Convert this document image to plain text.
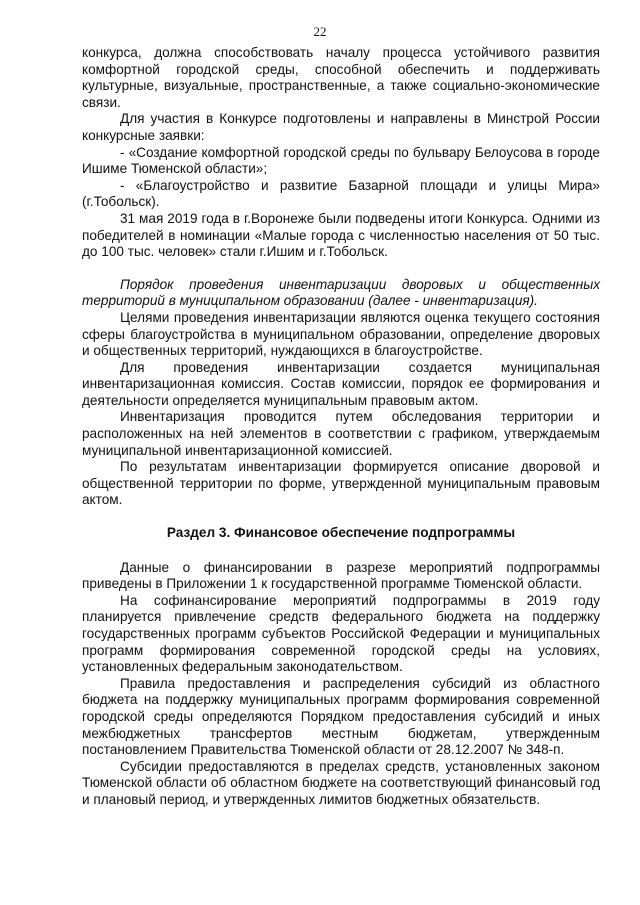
22

конкурса, должна способствовать началу процесса устойчивого развития комфортной городской среды, способной обеспечить и поддерживать культурные, визуальные, пространственные, а также социально-экономические связи.

Для участия в Конкурсе подготовлены и направлены в Минстрой России конкурсные заявки:

- «Создание комфортной городской среды по бульвару Белоусова в городе Ишиме Тюменской области»;

- «Благоустройство и развитие Базарной площади и улицы Мира» (г.Тобольск).

31 мая 2019 года в г.Воронеже были подведены итоги Конкурса. Одними из победителей в номинации «Малые города с численностью населения от 50 тыс. до 100 тыс. человек» стали г.Ишим и г.Тобольск.

Порядок проведения инвентаризации дворовых и общественных территорий в муниципальном образовании (далее - инвентаризация).

Целями проведения инвентаризации являются оценка текущего состояния сферы благоустройства в муниципальном образовании, определение дворовых и общественных территорий, нуждающихся в благоустройстве.

Для проведения инвентаризации создается муниципальная инвентаризационная комиссия. Состав комиссии, порядок ее формирования и деятельности определяется муниципальным правовым актом.

Инвентаризация проводится путем обследования территории и расположенных на ней элементов в соответствии с графиком, утверждаемым муниципальной инвентаризационной комиссией.

По результатам инвентаризации формируется описание дворовой и общественной территории по форме, утвержденной муниципальным правовым актом.

Раздел 3. Финансовое обеспечение подпрограммы

Данные о финансировании в разрезе мероприятий подпрограммы приведены в Приложении 1 к государственной программе Тюменской области.

На софинансирование мероприятий подпрограммы в 2019 году планируется привлечение средств федерального бюджета на поддержку государственных программ субъектов Российской Федерации и муниципальных программ формирования современной городской среды на условиях, установленных федеральным законодательством.

Правила предоставления и распределения субсидий из областного бюджета на поддержку муниципальных программ формирования современной городской среды определяются Порядком предоставления субсидий и иных межбюджетных трансфертов местным бюджетам, утвержденным постановлением Правительства Тюменской области от 28.12.2007 № 348-п.

Субсидии предоставляются в пределах средств, установленных законом Тюменской области об областном бюджете на соответствующий финансовый год и плановый период, и утвержденных лимитов бюджетных обязательств.
